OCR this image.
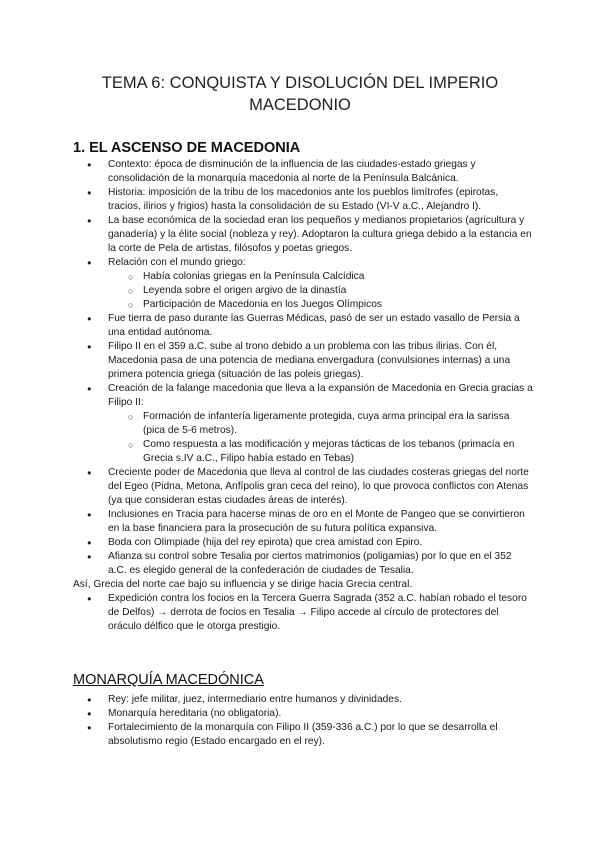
TEMA 6: CONQUISTA Y DISOLUCIÓN DEL IMPERIO MACEDONIO
1. EL ASCENSO DE MACEDONIA
● Contexto: época de disminución de la influencia de las ciudades-estado griegas y consolidación de la monarquía macedonia al norte de la Península Balcánica.
● Historia: imposición de la tribu de los macedonios ante los pueblos limítrofes (epirotas, tracios, ilirios y frigios) hasta la consolidación de su Estado (VI-V a.C., Alejandro I).
● La base económica de la sociedad eran los pequeños y medianos propietarios (agricultura y ganadería) y la élite social (nobleza y rey). Adoptaron la cultura griega debido a la estancia en la corte de Pela de artistas, filósofos y poetas griegos.
● Relación con el mundo griego:
○ Había colonias griegas en la Península Calcídica
○ Leyenda sobre el origen argivo de la dinastía
○ Participación de Macedonia en los Juegos Olímpicos
● Fue tierra de paso durante las Guerras Médicas, pasó de ser un estado vasallo de Persia a una entidad autónoma.
● Filipo II en el 359 a.C. sube al trono debido a un problema con las tribus ilirias. Con él, Macedonia pasa de una potencia de mediana envergadura (convulsiones internas) a una primera potencia griega (situación de las poleis griegas).
● Creación de la falange macedonia que lleva a la expansión de Macedonia en Grecia gracias a Filipo II:
○ Formación de infantería ligeramente protegida, cuya arma principal era la sarissa (pica de 5-6 metros).
○ Como respuesta a las modificación y mejoras tácticas de los tebanos (primacía en Grecia s.IV a.C., Filipo había estado en Tebas)
● Creciente poder de Macedonia que lleva al control de las ciudades costeras griegas del norte del Egeo (Pidna, Metona, Anfípolis gran ceca del reino), lo que provoca conflictos con Atenas (ya que consideran estas ciudades áreas de interés).
● Inclusiones en Tracia para hacerse minas de oro en el Monte de Pangeo que se convirtieron en la base financiera para la prosecución de su futura política expansiva.
● Boda con Olimpiade (hija del rey epirota) que crea amistad con Epiro.
● Afianza su control sobre Tesalia por ciertos matrimonios (poligamias) por lo que en el 352 a.C. es elegido general de la confederación de ciudades de Tesalia.
Así, Grecia del norte cae bajo su influencia y se dirige hacia Grecia central.
● Expedición contra los focios en la Tercera Guerra Sagrada (352 a.C. habían robado el tesoro de Delfos) → derrota de focios en Tesalia → Filipo accede al círculo de protectores del oráculo délfico que le otorga prestigio.
MONARQUÍA MACEDÓNICA
● Rey: jefe militar, juez, intermediario entre humanos y divinidades.
● Monarquía hereditaria (no obligatoria).
● Fortalecimiento de la monarquía con Filipo II (359-336 a.C.) por lo que se desarrolla el absolutismo regio (Estado encargado en el rey).
